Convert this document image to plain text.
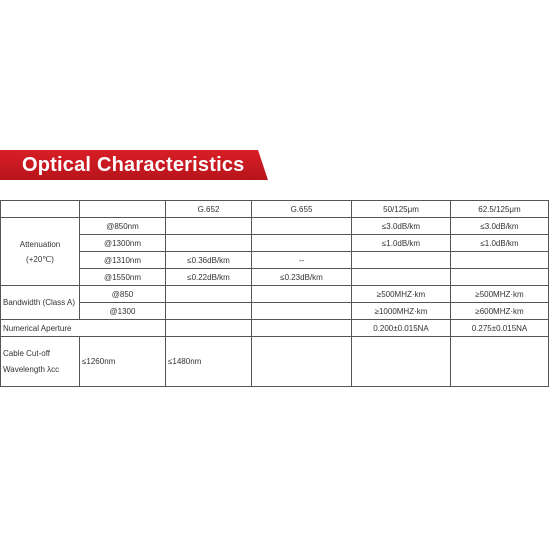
Optical Characteristics
		G.652	G.655	50/125μm	62.5/125μm

Attenuation
(+20℃)	@850nm			≤3.0dB/km	≤3.0dB/km
	@1300nm			≤1.0dB/km	≤1.0dB/km
	@1310nm	≤0.36dB/km	--		
	@1550nm	≤0.22dB/km	≤0.23dB/km		
Bandwidth (Class A)	@850			≥500MHZ·km	≥500MHZ·km
	@1300			≥1000MHZ·km	≥600MHZ·km
Numerical Aperture				0.200±0.015NA	0.275±0.015NA

Cable Cut-off
Wavelength λcc	≤1260nm	≤1480nm			
